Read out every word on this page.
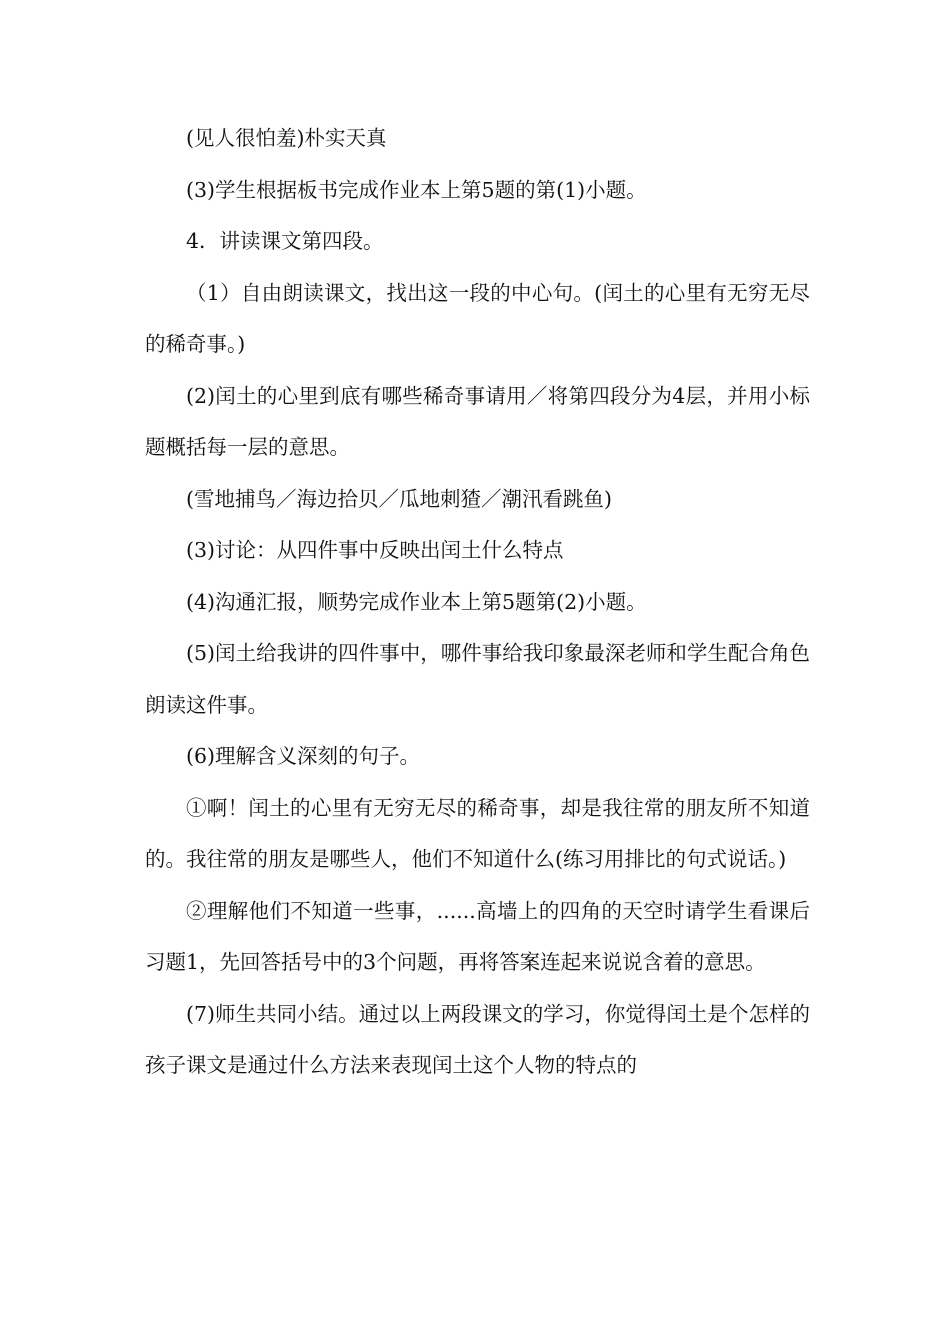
(见人很怕羞)朴实天真

(3)学生根据板书完成作业本上第5题的第(1)小题。

4．讲读课文第四段。

（1）自由朗读课文，找出这一段的中心句。(闰土的心里有无穷无尽的稀奇事。)

(2)闰土的心里到底有哪些稀奇事请用／将第四段分为4层，并用小标题概括每一层的意思。

(雪地捕鸟／海边拾贝／瓜地刺猹／潮汛看跳鱼)

(3)讨论：从四件事中反映出闰土什么特点

(4)沟通汇报，顺势完成作业本上第5题第(2)小题。

(5)闰土给我讲的四件事中，哪件事给我印象最深老师和学生配合角色朗读这件事。

(6)理解含义深刻的句子。

①啊！闰土的心里有无穷无尽的稀奇事，却是我往常的朋友所不知道的。我往常的朋友是哪些人，他们不知道什么(练习用排比的句式说话。)

②理解他们不知道一些事，......高墙上的四角的天空时请学生看课后习题1，先回答括号中的3个问题，再将答案连起来说说含着的意思。

(7)师生共同小结。通过以上两段课文的学习，你觉得闰土是个怎样的孩子课文是通过什么方法来表现闰土这个人物的特点的
